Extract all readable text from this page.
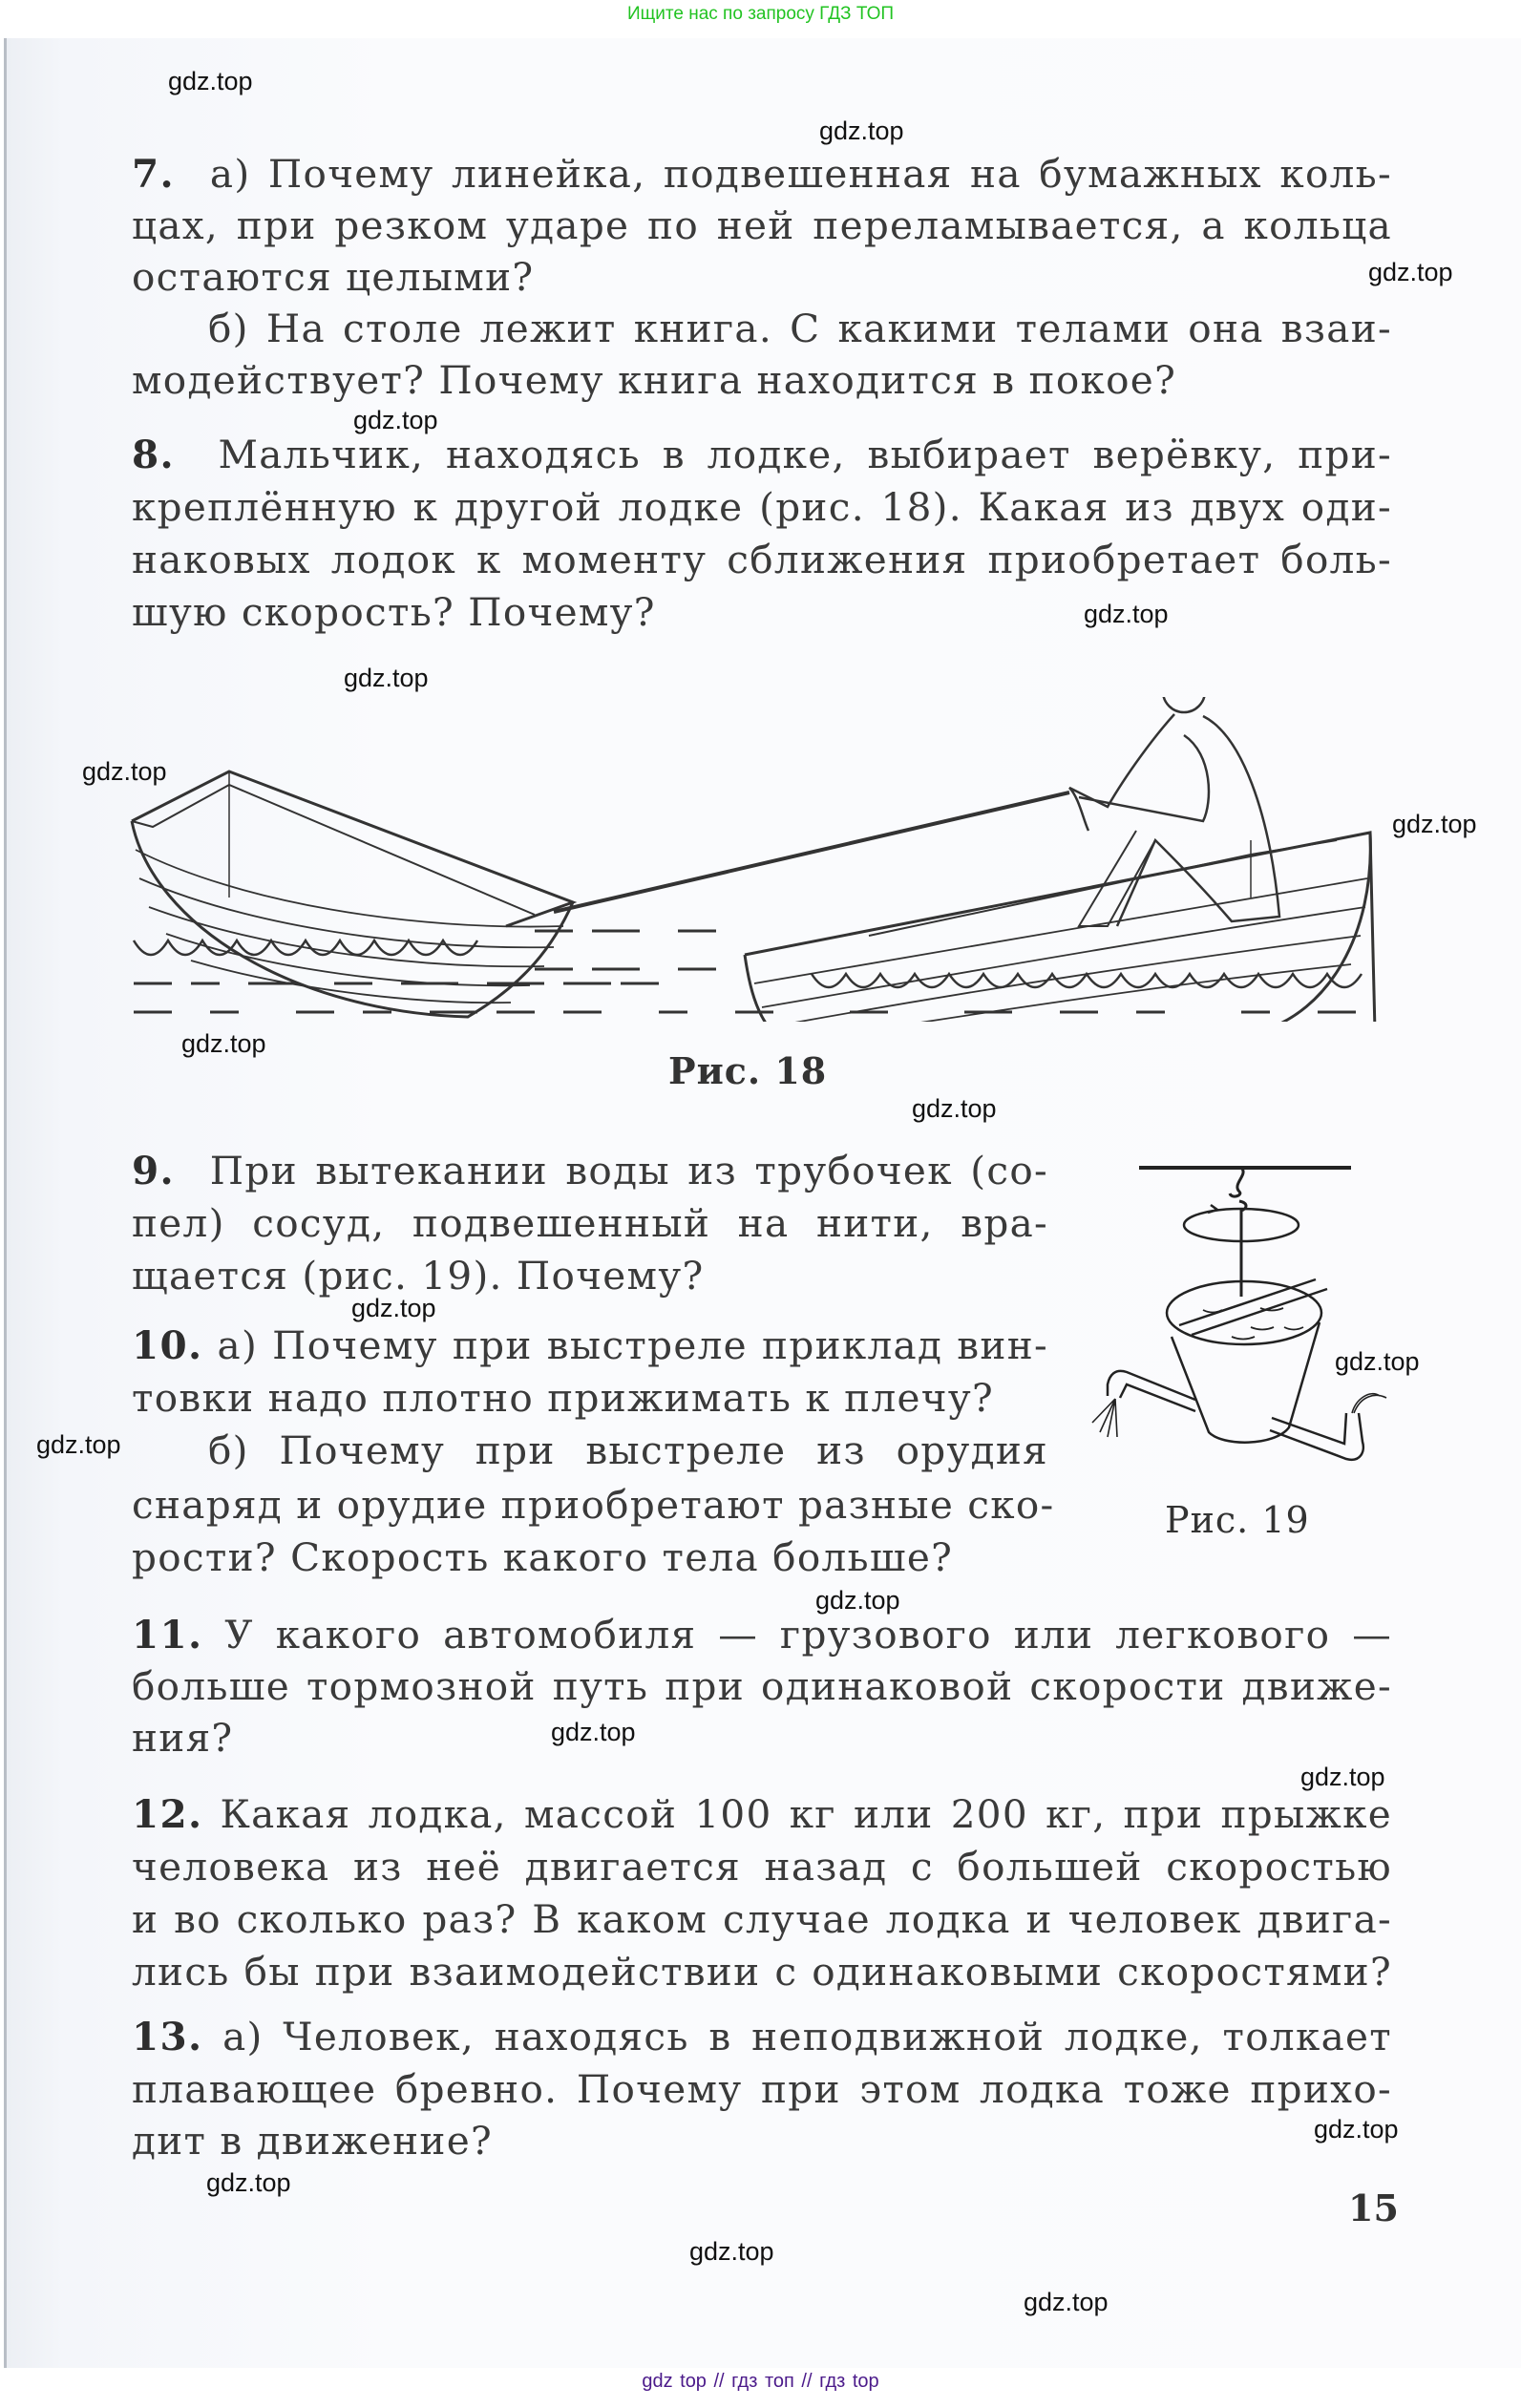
Ищите нас по запросу ГДЗ ТОП
7. а) Почему линейка, подвешенная на бумажных коль-
цах, при резком ударе по ней переламывается, а кольца
остаются целыми?
б) На столе лежит книга. С какими телами она взаи-
модействует? Почему книга находится в покое?
8. Мальчик, находясь в лодке, выбирает верёвку, при-
креплённую к другой лодке (рис. 18). Какая из двух оди-
наковых лодок к моменту сближения приобретает боль-
шую скорость? Почему?
Рис. 18
9. При вытекании воды из трубочек (со-
пел) сосуд, подвешенный на нити, вра-
щается (рис. 19). Почему?
10. а) Почему при выстреле приклад вин-
товки надо плотно прижимать к плечу?
б) Почему при выстреле из орудия
снаряд и орудие приобретают разные ско-
рости? Скорость какого тела больше?
Рис. 19
11. У какого автомобиля — грузового или легкового —
больше тормозной путь при одинаковой скорости движе-
ния?
12. Какая лодка, массой 100 кг или 200 кг, при прыжке
человека из неё двигается назад с большей скоростью
и во сколько раз? В каком случае лодка и человек двига-
лись бы при взаимодействии с одинаковыми скоростями?
13. а) Человек, находясь в неподвижной лодке, толкает
плавающее бревно. Почему при этом лодка тоже прихо-
дит в движение?
15
gdz.top
gdz.top
gdz.top
gdz.top
gdz.top
gdz.top
gdz.top
gdz.top
gdz.top
gdz.top
gdz.top
gdz.top
gdz.top
gdz.top
gdz.top
gdz.top
gdz.top
gdz.top
gdz.top
gdz.top
gdz top // гдз топ // гдз top
